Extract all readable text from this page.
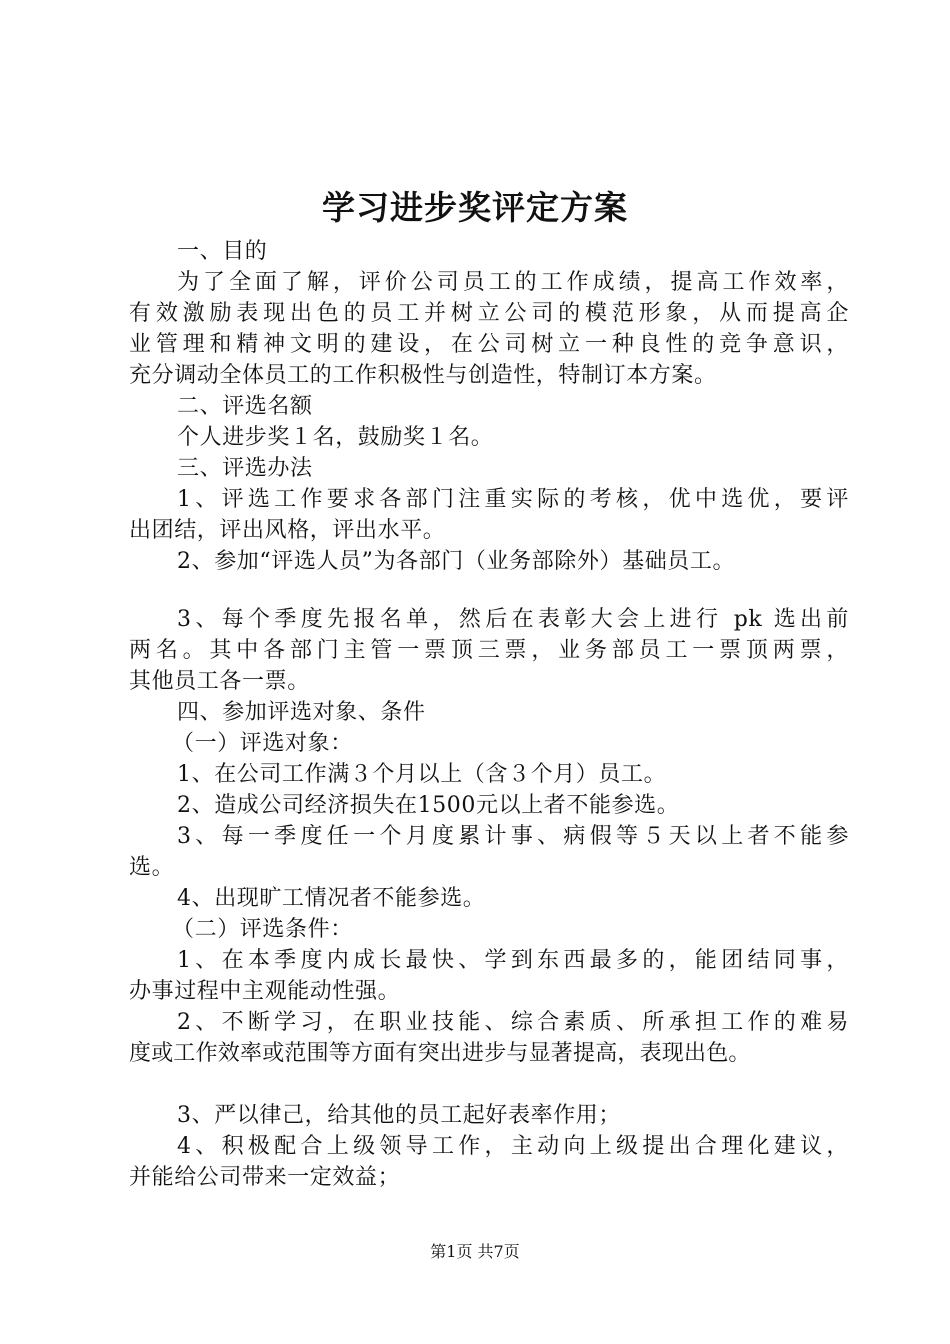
学习进步奖评定方案
一、目的
为了全面了解，评价公司员工的工作成绩，提高工作效率，
有效激励表现出色的员工并树立公司的模范形象，从而提高企
业管理和精神文明的建设，在公司树立一种良性的竞争意识，
充分调动全体员工的工作积极性与创造性，特制订本方案。
二、评选名额
个人进步奖１名，鼓励奖１名。
三、评选办法
1、评选工作要求各部门注重实际的考核，优中选优，要评
出团结，评出风格，评出水平。
2、参加“评选人员”为各部门（业务部除外）基础员工。
3、每个季度先报名单，然后在表彰大会上进行 pk 选出前
两名。其中各部门主管一票顶三票，业务部员工一票顶两票，
其他员工各一票。
四、参加评选对象、条件
（一）评选对象：
1、在公司工作满３个月以上（含３个月）员工。
2、造成公司经济损失在1500元以上者不能参选。
3、每一季度任一个月度累计事、病假等５天以上者不能参
选。
4、出现旷工情况者不能参选。
（二）评选条件：
1、在本季度内成长最快、学到东西最多的，能团结同事，
办事过程中主观能动性强。
2、不断学习，在职业技能、综合素质、所承担工作的难易
度或工作效率或范围等方面有突出进步与显著提高，表现出色。
3、严以律己，给其他的员工起好表率作用；
4、积极配合上级领导工作，主动向上级提出合理化建议，
并能给公司带来一定效益；
第1页 共7页
